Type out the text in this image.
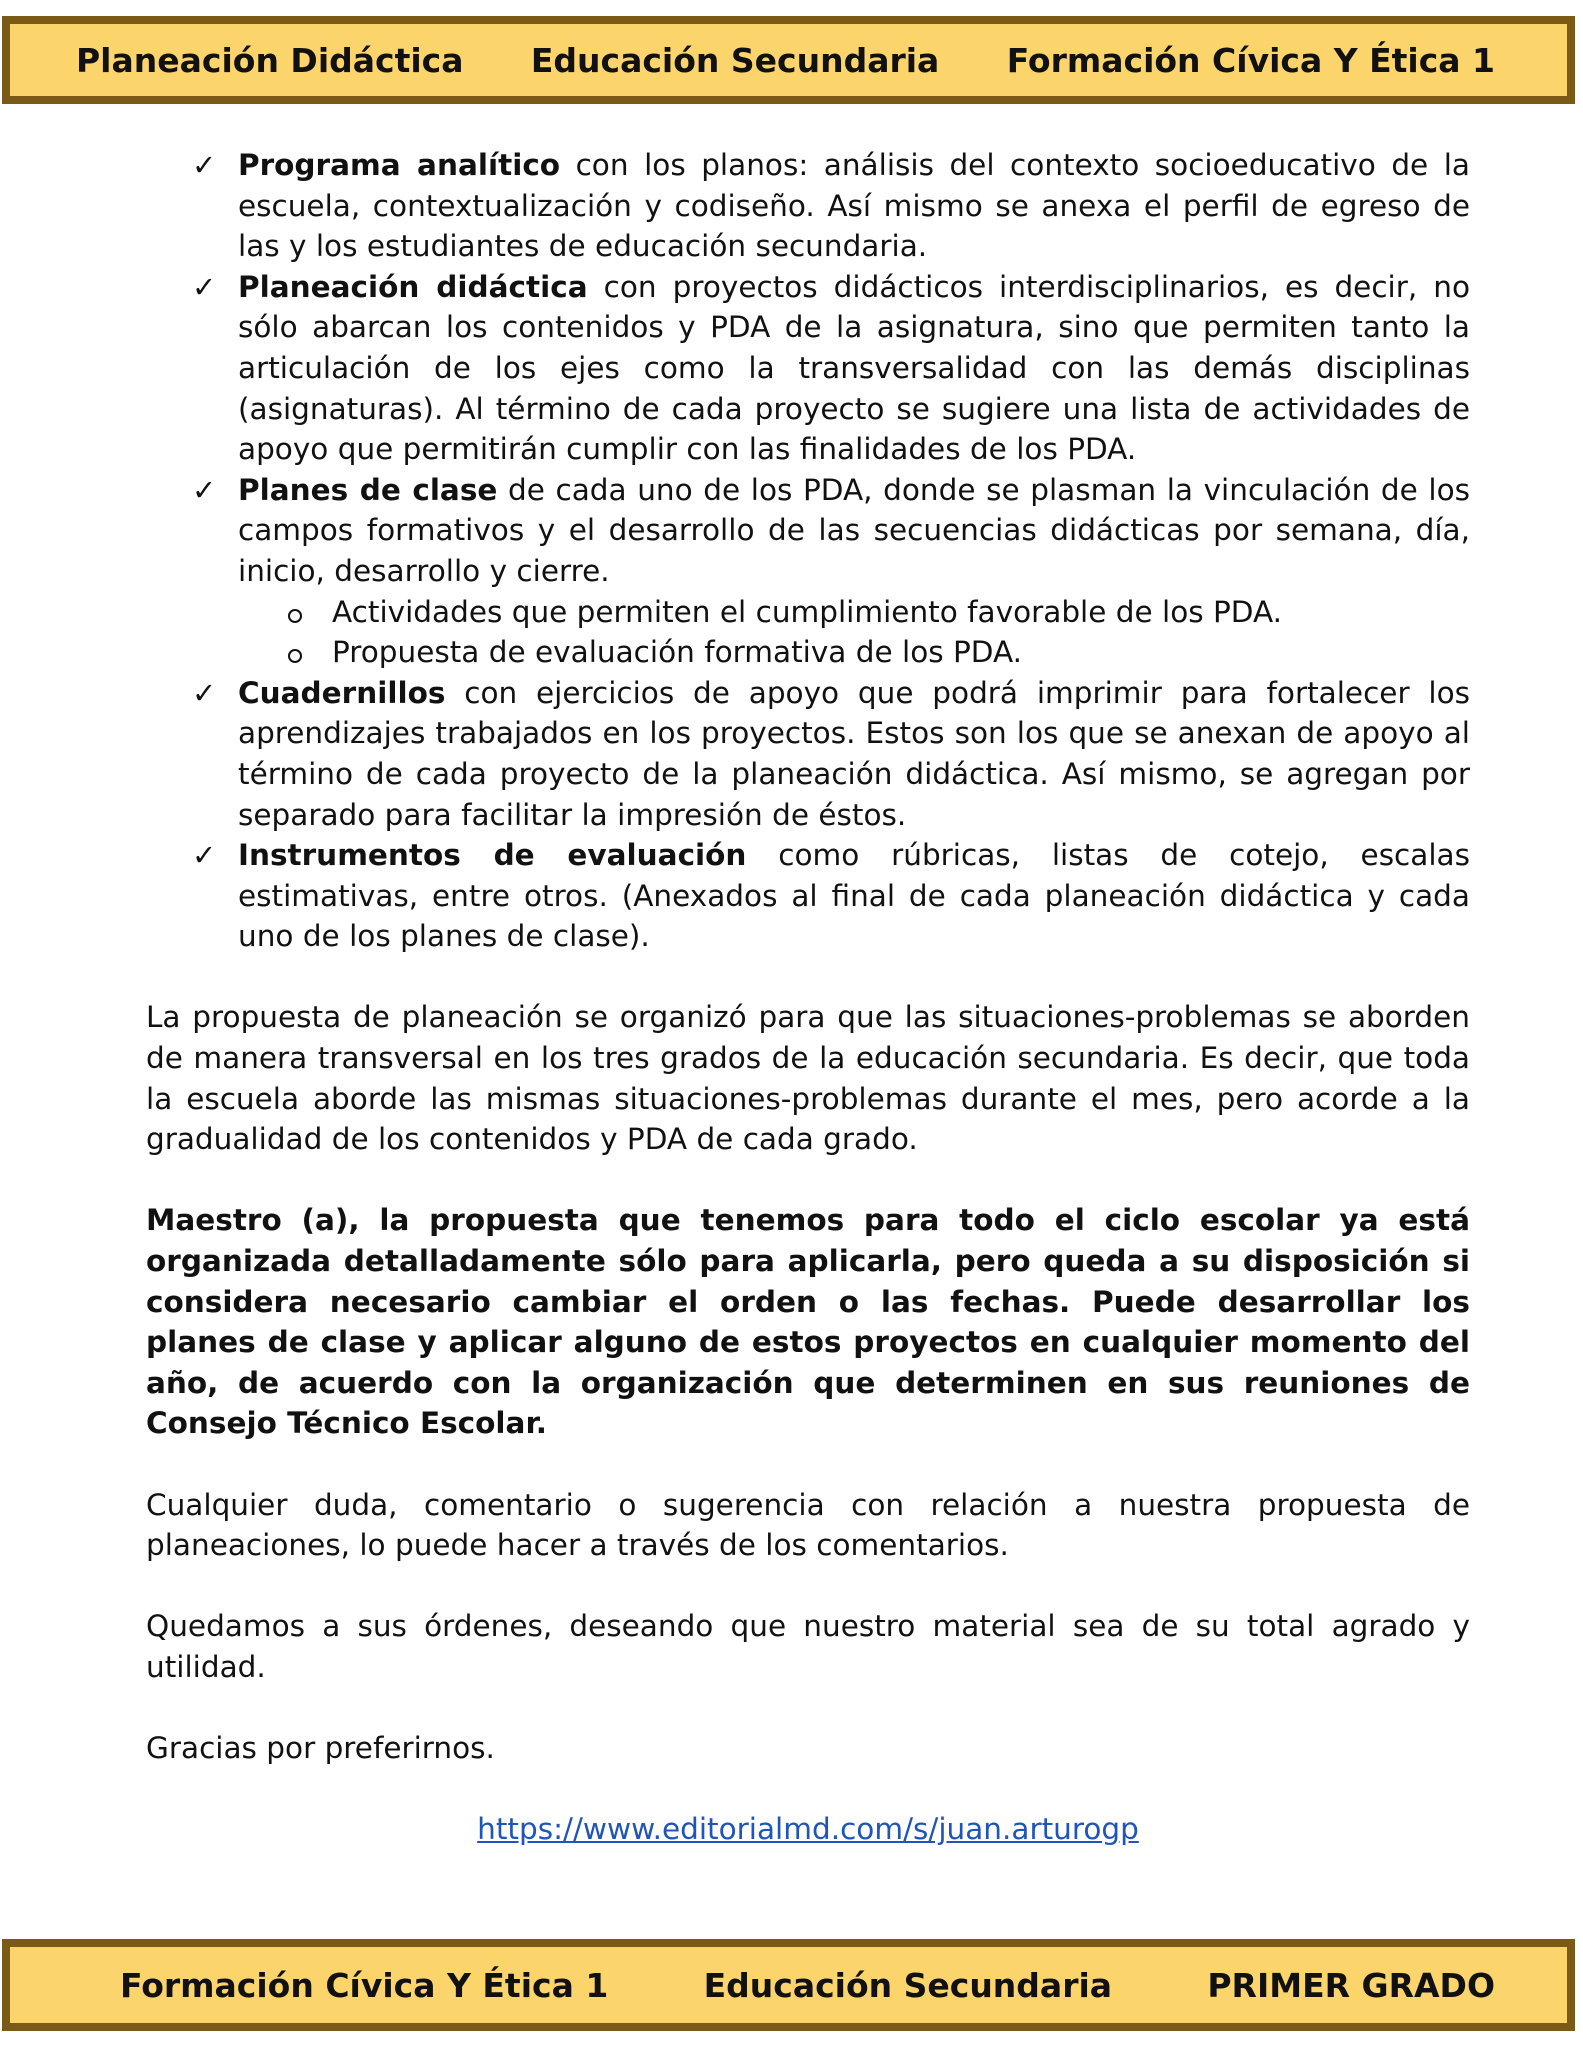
Planeación Didáctica Educación Secundaria Formación Cívica Y Ética 1
✓ Programa analítico con los planos: análisis del contexto socioeducativo de la escuela, contextualización y codiseño. Así mismo se anexa el perfil de egreso de las y los estudiantes de educación secundaria.
✓ Planeación didáctica con proyectos didácticos interdisciplinarios, es decir, no sólo abarcan los contenidos y PDA de la asignatura, sino que permiten tanto la articulación de los ejes como la transversalidad con las demás disciplinas (asignaturas). Al término de cada proyecto se sugiere una lista de actividades de apoyo que permitirán cumplir con las finalidades de los PDA.
✓ Planes de clase de cada uno de los PDA, donde se plasman la vinculación de los campos formativos y el desarrollo de las secuencias didácticas por semana, día, inicio, desarrollo y cierre.
Actividades que permiten el cumplimiento favorable de los PDA.
Propuesta de evaluación formativa de los PDA.
✓ Cuadernillos con ejercicios de apoyo que podrá imprimir para fortalecer los aprendizajes trabajados en los proyectos. Estos son los que se anexan de apoyo al término de cada proyecto de la planeación didáctica. Así mismo, se agregan por separado para facilitar la impresión de éstos.
✓ Instrumentos de evaluación como rúbricas, listas de cotejo, escalas estimativas, entre otros. (Anexados al final de cada planeación didáctica y cada uno de los planes de clase).

La propuesta de planeación se organizó para que las situaciones-problemas se aborden de manera transversal en los tres grados de la educación secundaria. Es decir, que toda la escuela aborde las mismas situaciones-problemas durante el mes, pero acorde a la gradualidad de los contenidos y PDA de cada grado.

Maestro (a), la propuesta que tenemos para todo el ciclo escolar ya está organizada detalladamente sólo para aplicarla, pero queda a su disposición si considera necesario cambiar el orden o las fechas. Puede desarrollar los planes de clase y aplicar alguno de estos proyectos en cualquier momento del año, de acuerdo con la organización que determinen en sus reuniones de Consejo Técnico Escolar.

Cualquier duda, comentario o sugerencia con relación a nuestra propuesta de planeaciones, lo puede hacer a través de los comentarios.

Quedamos a sus órdenes, deseando que nuestro material sea de su total agrado y utilidad.

Gracias por preferirnos.

https://www.editorialmd.com/s/juan.arturogp
Formación Cívica Y Ética 1	Educación Secundaria	PRIMER GRADO
